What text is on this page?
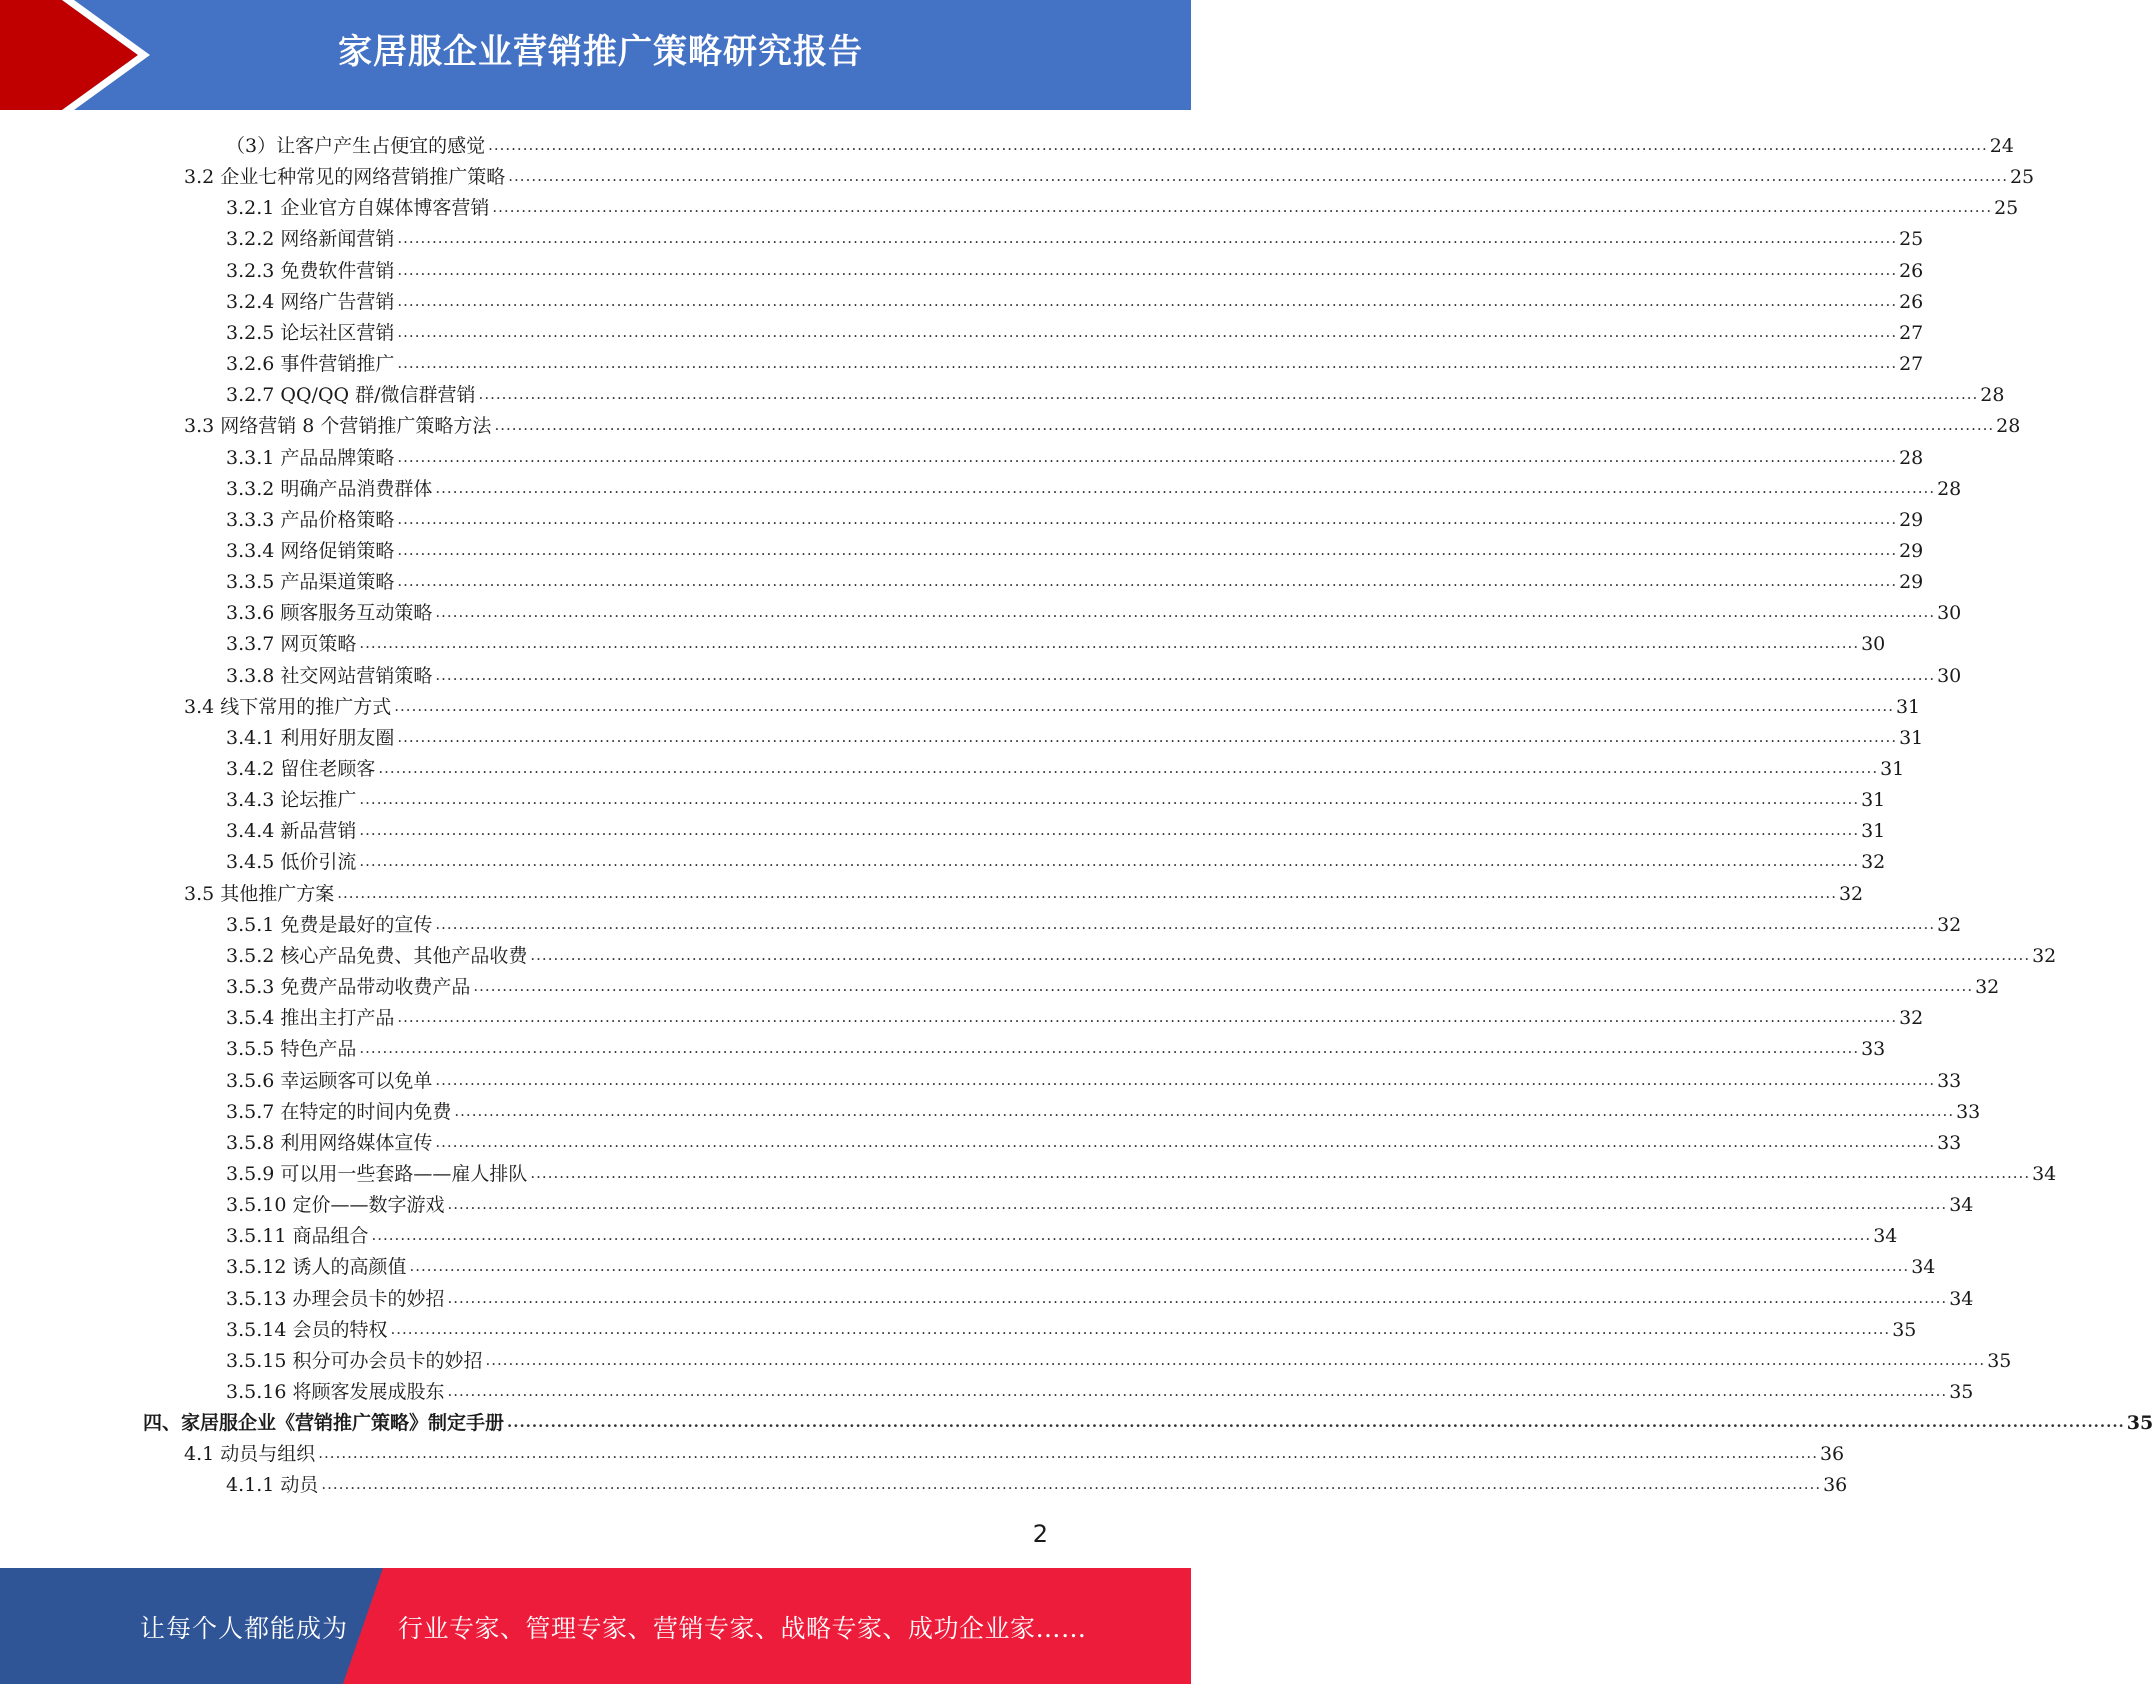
家居服企业营销推广策略研究报告
（3）让客户产生占便宜的感觉 .................................................................................................................................................................................................................................................................... 24
3.2 企业七种常见的网络营销推广策略 .................................................................................................................................................................................................................................................................... 25
3.2.1 企业官方自媒体博客营销 .................................................................................................................................................................................................................................................................... 25
3.2.2 网络新闻营销 .................................................................................................................................................................................................................................................................... 25
3.2.3 免费软件营销 .................................................................................................................................................................................................................................................................... 26
3.2.4 网络广告营销 .................................................................................................................................................................................................................................................................... 26
3.2.5 论坛社区营销 .................................................................................................................................................................................................................................................................... 27
3.2.6 事件营销推广 .................................................................................................................................................................................................................................................................... 27
3.2.7 QQ/QQ 群/微信群营销 .................................................................................................................................................................................................................................................................... 28
3.3 网络营销 8 个营销推广策略方法 .................................................................................................................................................................................................................................................................... 28
3.3.1 产品品牌策略 .................................................................................................................................................................................................................................................................... 28
3.3.2 明确产品消费群体 .................................................................................................................................................................................................................................................................... 28
3.3.3 产品价格策略 .................................................................................................................................................................................................................................................................... 29
3.3.4 网络促销策略 .................................................................................................................................................................................................................................................................... 29
3.3.5 产品渠道策略 .................................................................................................................................................................................................................................................................... 29
3.3.6 顾客服务互动策略 .................................................................................................................................................................................................................................................................... 30
3.3.7 网页策略 .................................................................................................................................................................................................................................................................... 30
3.3.8 社交网站营销策略 .................................................................................................................................................................................................................................................................... 30
3.4 线下常用的推广方式 .................................................................................................................................................................................................................................................................... 31
3.4.1 利用好朋友圈 .................................................................................................................................................................................................................................................................... 31
3.4.2 留住老顾客 .................................................................................................................................................................................................................................................................... 31
3.4.3 论坛推广 .................................................................................................................................................................................................................................................................... 31
3.4.4 新品营销 .................................................................................................................................................................................................................................................................... 31
3.4.5 低价引流 .................................................................................................................................................................................................................................................................... 32
3.5 其他推广方案 .................................................................................................................................................................................................................................................................... 32
3.5.1 免费是最好的宣传 .................................................................................................................................................................................................................................................................... 32
3.5.2 核心产品免费、其他产品收费 .................................................................................................................................................................................................................................................................... 32
3.5.3 免费产品带动收费产品 .................................................................................................................................................................................................................................................................... 32
3.5.4 推出主打产品 .................................................................................................................................................................................................................................................................... 32
3.5.5 特色产品 .................................................................................................................................................................................................................................................................... 33
3.5.6 幸运顾客可以免单 .................................................................................................................................................................................................................................................................... 33
3.5.7 在特定的时间内免费 .................................................................................................................................................................................................................................................................... 33
3.5.8 利用网络媒体宣传 .................................................................................................................................................................................................................................................................... 33
3.5.9 可以用一些套路——雇人排队 .................................................................................................................................................................................................................................................................... 34
3.5.10 定价——数字游戏 .................................................................................................................................................................................................................................................................... 34
3.5.11 商品组合 .................................................................................................................................................................................................................................................................... 34
3.5.12 诱人的高颜值 .................................................................................................................................................................................................................................................................... 34
3.5.13 办理会员卡的妙招 .................................................................................................................................................................................................................................................................... 34
3.5.14 会员的特权 .................................................................................................................................................................................................................................................................... 35
3.5.15 积分可办会员卡的妙招 .................................................................................................................................................................................................................................................................... 35
3.5.16 将顾客发展成股东 .................................................................................................................................................................................................................................................................... 35
四、家居服企业《营销推广策略》制定手册 .................................................................................................................................................................................................................................................................... 35
4.1 动员与组织 .................................................................................................................................................................................................................................................................... 36
4.1.1 动员 .................................................................................................................................................................................................................................................................... 36
2
让每个人都能成为 行业专家、管理专家、营销专家、战略专家、成功企业家……
